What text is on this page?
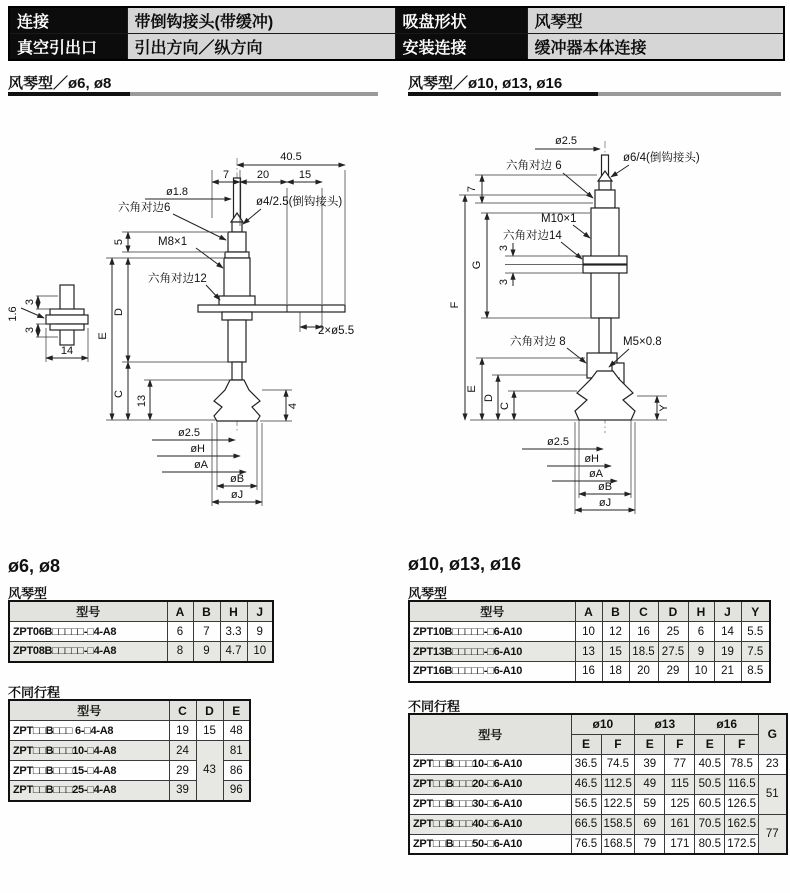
连接	带倒钩接头(带缓冲)	吸盘形状	风琴型
真空引出口	引出方向／纵方向	安装连接	缓冲器本体连接
风琴型／ø6, ø8	风琴型／ø10, ø13, ø16
3
1.6
3
14
40.5
7	20	15
ø1.8
六角对边6	ø4/2.5(倒钩接头)
M8×1
六角对边12
2×ø5.5
5
E
D
C
13	4
ø2.5
øH
øA
øB
øJ
ø2.5
ø6/4(倒钩接头)
六角对边 6
M10×1
六角对边14
六角对边 8	M5×0.8
7
F
G
3
3
E
D
C	Y
ø2.5
øH
øA
øB
øJ
ø6, ø8
风琴型
型号	A	B	H	J
ZPT06B□□□□□-□4-A8	6	7	3.3	9
ZPT08B□□□□□-□4-A8	8	9	4.7	10
不同行程
型号	C	D	E
ZPT□□B□□□ 6-□4-A8	19	15	48
ZPT□□B□□□10-□4-A8	24	43	81
ZPT□□B□□□15-□4-A8	29		86
ZPT□□B□□□25-□4-A8	39		96
ø10, ø13, ø16
风琴型
型号	A	B	C	D	H	J	Y
ZPT10B□□□□□-□6-A10	10	12	16	25	6	14	5.5
ZPT13B□□□□□-□6-A10	13	15	18.5	27.5	9	19	7.5
ZPT16B□□□□□-□6-A10	16	18	20	29	10	21	8.5
不同行程
型号	ø10		ø13		ø16		G
	E	F	E	F	E	F	
ZPT□□B□□□10-□6-A10	36.5	74.5	39	77	40.5	78.5	23
ZPT□□B□□□20-□6-A10	46.5	112.5	49	115	50.5	116.5	51
ZPT□□B□□□30-□6-A10	56.5	122.5	59	125	60.5	126.5	
ZPT□□B□□□40-□6-A10	66.5	158.5	69	161	70.5	162.5	77
ZPT□□B□□□50-□6-A10	76.5	168.5	79	171	80.5	172.5	
